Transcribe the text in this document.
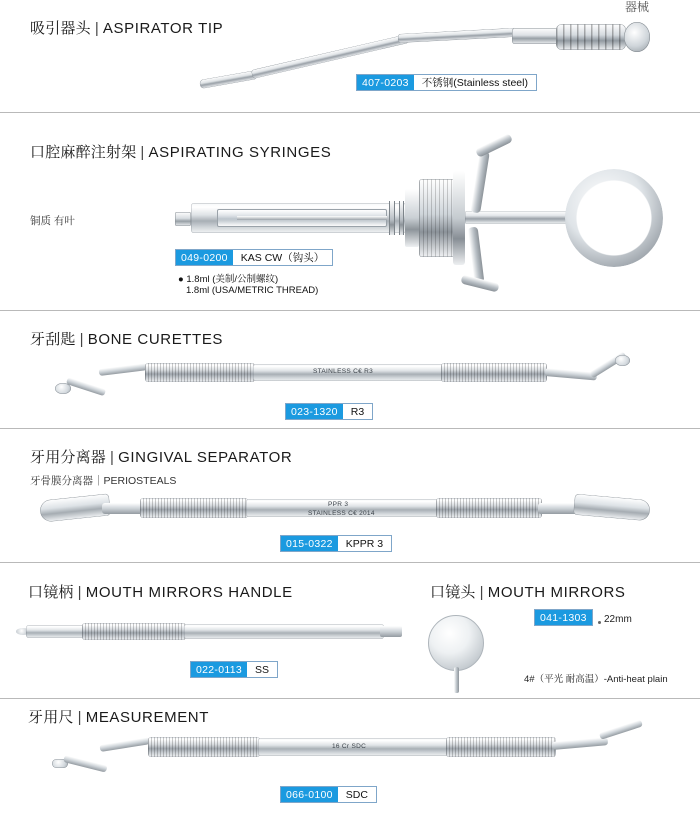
器械
吸引器头 | ASPIRATOR TIP
407-0203	不锈钢(Stainless steel)
口腔麻醉注射架 | ASPIRATING SYRINGES
铜质 有叶
049-0200	KAS CW（钩头）
● 1.8ml (美制/公制螺纹)
1.8ml (USA/METRIC THREAD)
牙刮匙 | BONE CURETTES
STAINLESS C€ R3
023-1320	R3
牙用分离器 | GINGIVAL SEPARATOR
牙骨膜分离器｜PERIOSTEALS
PPR 3
STAINLESS C€ 2014
015-0322	KPPR 3
口镜柄 | MOUTH MIRRORS HANDLE	口镜头 | MOUTH MIRRORS
022-0113	SS
041-1303	22mm
4#（平光 耐高温）-Anti-heat plain
牙用尺 | MEASUREMENT
16 Cr SDC
066-0100	SDC
